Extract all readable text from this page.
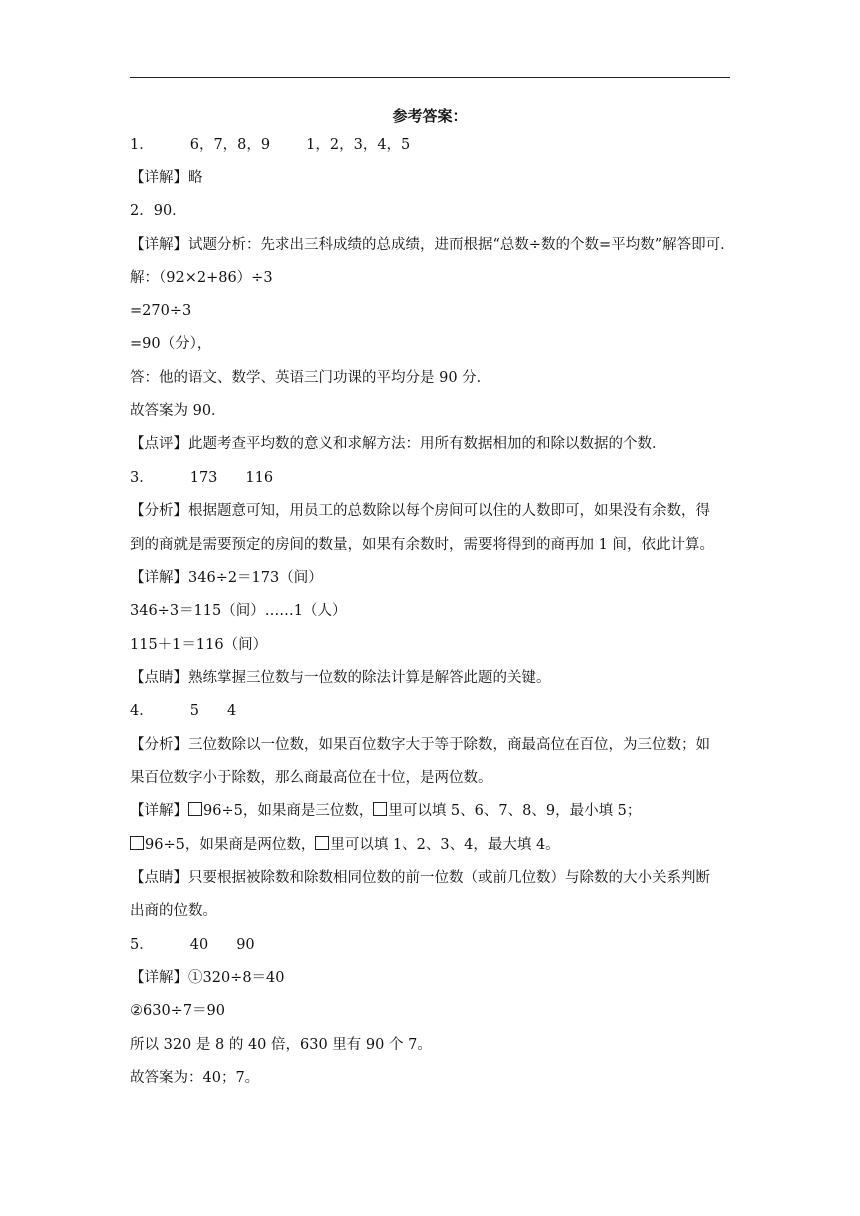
参考答案：
1． 6，7，8，9 1，2，3，4，5
【详解】略
2．90．
【详解】试题分析：先求出三科成绩的总成绩，进而根据“总数÷数的个数=平均数”解答即可．
解：（92×2+86）÷3
=270÷3
=90（分），
答：他的语文、数学、英语三门功课的平均分是 90 分．
故答案为 90．
【点评】此题考查平均数的意义和求解方法：用所有数据相加的和除以数据的个数．
3． 173 116
【分析】根据题意可知，用员工的总数除以每个房间可以住的人数即可，如果没有余数，得
到的商就是需要预定的房间的数量，如果有余数时，需要将得到的商再加 1 间，依此计算。
【详解】346÷2＝173（间）
346÷3＝115（间）……1（人）
115＋1＝116（间）
【点睛】熟练掌握三位数与一位数的除法计算是解答此题的关键。
4． 5 4
【分析】三位数除以一位数，如果百位数字大于等于除数，商最高位在百位，为三位数；如
果百位数字小于除数，那么商最高位在十位，是两位数。
【详解】 96÷5，如果商是三位数， 里可以填 5、6、7、8、9，最小填 5；
96÷5，如果商是两位数， 里可以填 1、2、3、4，最大填 4。
【点睛】只要根据被除数和除数相同位数的前一位数（或前几位数）与除数的大小关系判断
出商的位数。
5． 40 90
【详解】①320÷8＝40
②630÷7＝90
所以 320 是 8 的 40 倍，630 里有 90 个 7。
故答案为：40；7。
